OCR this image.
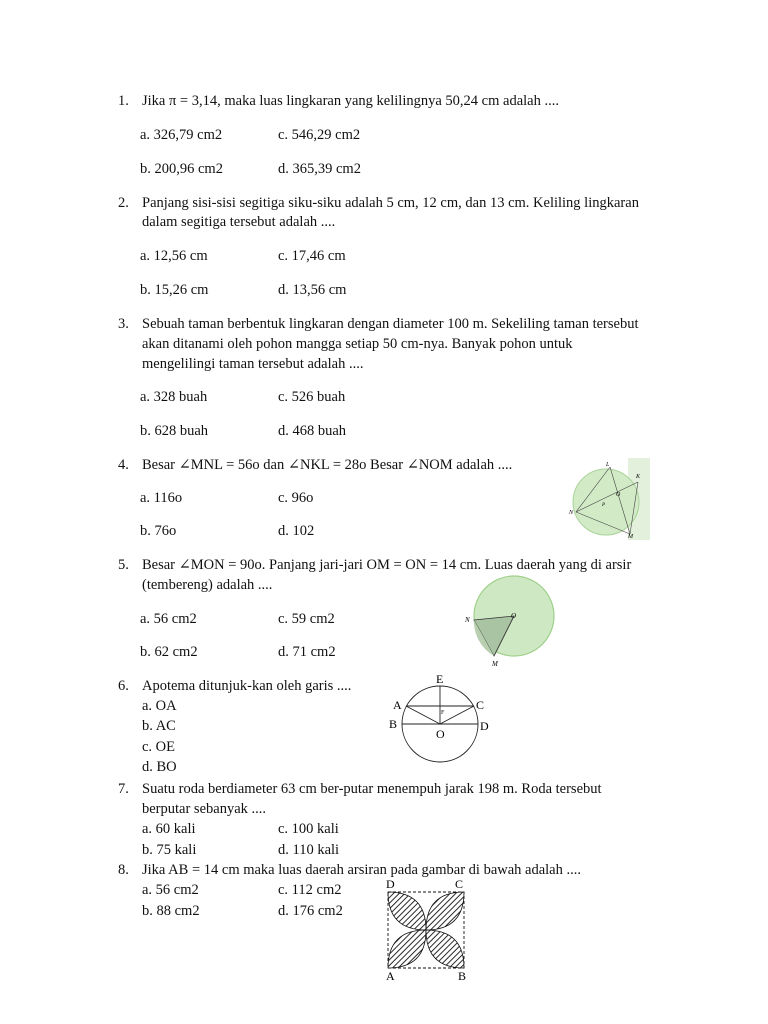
1. Jika π = 3,14, maka luas lingkaran yang kelilingnya 50,24 cm adalah ....
a. 326,79 cm2	c. 546,29 cm2
b. 200,96 cm2	d. 365,39 cm2
2. Panjang sisi-sisi segitiga siku-siku adalah 5 cm, 12 cm, dan 13 cm. Keliling lingkaran
dalam segitiga tersebut adalah ....
a. 12,56 cm	c. 17,46 cm
b. 15,26 cm	d. 13,56 cm
3. Sebuah taman berbentuk lingkaran dengan diameter 100 m. Sekeliling taman tersebut
akan ditanami oleh pohon mangga setiap 50 cm-nya. Banyak pohon untuk
mengelilingi taman tersebut adalah ....
a. 328 buah	c. 526 buah
b. 628 buah	d. 468 buah
4. Besar ∠MNL = 56o dan ∠NKL = 28o Besar ∠NOM adalah ....
a. 116o	c. 96o
b. 76o	d. 102
L
K
O
P
N
M
5. Besar ∠MON = 90o. Panjang jari-jari OM = ON = 14 cm. Luas daerah yang di arsir
(tembereng) adalah ....
a. 56 cm2	c. 59 cm2
b. 62 cm2	d. 71 cm2
N	O
M
6. Apotema ditunjuk-kan oleh garis ....
a. OA
b. AC
c. OE
d. BO
E
A	C
B	D
O
F
7. Suatu roda berdiameter 63 cm ber-putar menempuh jarak 198 m. Roda tersebut
berputar sebanyak ....
a. 60 kali	c. 100 kali
b. 75 kali	d. 110 kali
8. Jika AB = 14 cm maka luas daerah arsiran pada gambar di bawah adalah ....
a. 56 cm2	c. 112 cm2
b. 88 cm2	d. 176 cm2
D	C
A	B
